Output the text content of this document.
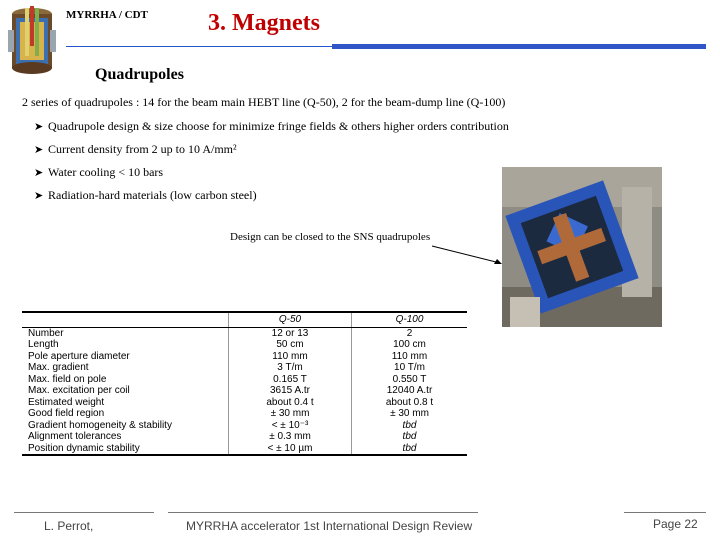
MYRRHA / CDT	3. Magnets
Quadrupoles
2 series of quadrupoles : 14 for the beam main HEBT line (Q-50), 2 for the beam-dump line (Q-100)
➤ Quadrupole design & size choose for minimize fringe fields & others higher orders contribution
➤ Current density from 2 up to 10 A/mm²
➤ Water cooling < 10 bars
➤ Radiation-hard materials (low carbon steel)
Design can be closed to the SNS quadrupoles
	Q-50	Q-100
Number	12 or 13	2
Length	50 cm	100 cm
Pole aperture diameter	110 mm	110 mm
Max. gradient	3 T/m	10 T/m
Max. field on pole	0.165 T	0.550 T
Max. excitation per coil	3615 A.tr	12040 A.tr
Estimated weight	about 0.4 t	about 0.8 t
Good field region	± 30 mm	± 30 mm
Gradient homogeneity & stability	< ± 10⁻³	tbd
Alignment tolerances	± 0.3 mm	tbd
Position dynamic stability	< ± 10 µm	tbd
L. Perrot,	MYRRHA accelerator 1st International Design Review	Page 22
